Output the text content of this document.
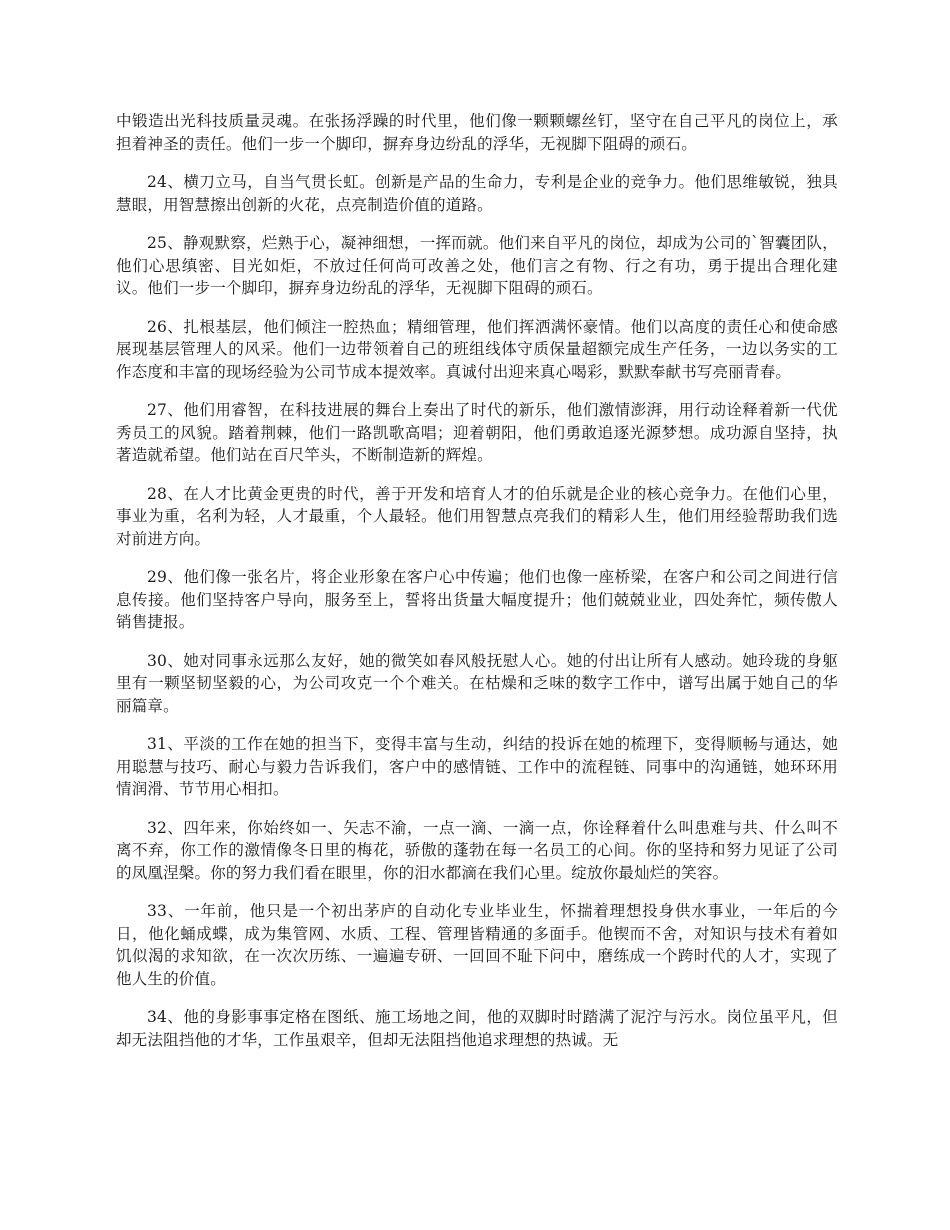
中锻造出光科技质量灵魂。在张扬浮躁的时代里，他们像一颗颗螺丝钉，坚守在自己平凡的岗位上，承担着神圣的责任。他们一步一个脚印，摒弃身边纷乱的浮华，无视脚下阻碍的顽石。

24、横刀立马，自当气贯长虹。创新是产品的生命力，专利是企业的竞争力。他们思维敏锐，独具慧眼，用智慧擦出创新的火花，点亮制造价值的道路。

25、静观默察，烂熟于心，凝神细想，一挥而就。他们来自平凡的岗位，却成为公司的`智囊团队，他们心思缜密、目光如炬，不放过任何尚可改善之处，他们言之有物、行之有功，勇于提出合理化建议。他们一步一个脚印，摒弃身边纷乱的浮华，无视脚下阻碍的顽石。

26、扎根基层，他们倾注一腔热血；精细管理，他们挥洒满怀豪情。他们以高度的责任心和使命感展现基层管理人的风采。他们一边带领着自己的班组线体守质保量超额完成生产任务，一边以务实的工作态度和丰富的现场经验为公司节成本提效率。真诚付出迎来真心喝彩，默默奉献书写亮丽青春。

27、他们用睿智，在科技进展的舞台上奏出了时代的新乐，他们激情澎湃，用行动诠释着新一代优秀员工的风貌。踏着荆棘，他们一路凯歌高唱；迎着朝阳，他们勇敢追逐光源梦想。成功源自坚持，执著造就希望。他们站在百尺竿头，不断制造新的辉煌。

28、在人才比黄金更贵的时代，善于开发和培育人才的伯乐就是企业的核心竞争力。在他们心里，事业为重，名利为轻，人才最重，个人最轻。他们用智慧点亮我们的精彩人生，他们用经验帮助我们选对前进方向。

29、他们像一张名片，将企业形象在客户心中传遍；他们也像一座桥梁，在客户和公司之间进行信息传接。他们坚持客户导向，服务至上，誓将出货量大幅度提升；他们兢兢业业，四处奔忙，频传傲人销售捷报。

30、她对同事永远那么友好，她的微笑如春风般抚慰人心。她的付出让所有人感动。她玲珑的身躯里有一颗坚韧坚毅的心，为公司攻克一个个难关。在枯燥和乏味的数字工作中，谱写出属于她自己的华丽篇章。

31、平淡的工作在她的担当下，变得丰富与生动，纠结的投诉在她的梳理下，变得顺畅与通达，她用聪慧与技巧、耐心与毅力告诉我们，客户中的感情链、工作中的流程链、同事中的沟通链，她环环用情润滑、节节用心相扣。

32、四年来，你始终如一、矢志不渝，一点一滴、一滴一点，你诠释着什么叫患难与共、什么叫不离不弃，你工作的激情像冬日里的梅花，骄傲的蓬勃在每一名员工的心间。你的坚持和努力见证了公司的凤凰涅槃。你的努力我们看在眼里，你的汨水都滴在我们心里。绽放你最灿烂的笑容。

33、一年前，他只是一个初出茅庐的自动化专业毕业生，怀揣着理想投身供水事业，一年后的今日，他化蛹成蝶，成为集管网、水质、工程、管理皆精通的多面手。他锲而不舍，对知识与技术有着如饥似渴的求知欲，在一次次历练、一遍遍专研、一回回不耻下问中，磨练成一个跨时代的人才，实现了他人生的价值。

34、他的身影事事定格在图纸、施工场地之间，他的双脚时时踏满了泥泞与污水。岗位虽平凡，但却无法阻挡他的才华，工作虽艰辛，但却无法阻挡他追求理想的热诚。无
